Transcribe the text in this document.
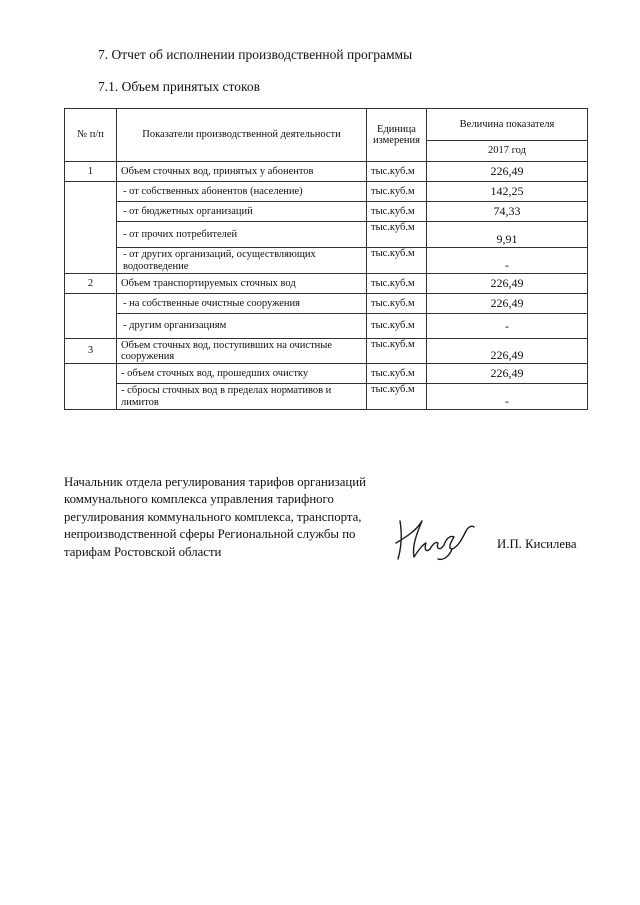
7. Отчет об исполнении производственной программы
7.1. Объем принятых стоков
№ п/п	Показатели производственной деятельности	Единица измерения	Величина показателя
			2017 год
1	Объем сточных вод, принятых у абонентов	тыс.куб.м	226,49
	- от собственных абонентов (население)	тыс.куб.м	142,25
	- от бюджетных организаций	тыс.куб.м	74,33
	- от прочих потребителей	тыс.куб.м	9,91
	- от других организаций, осуществляющих водоотведение	тыс.куб.м	-
2	Объем транспортируемых сточных вод	тыс.куб.м	226,49
	- на собственные очистные сооружения	тыс.куб.м	226,49
	- другим организациям	тыс.куб.м	-
3	Объем сточных вод, поступивших на очистные сооружения	тыс.куб.м	226,49
	- объем сточных вод, прошедших очистку	тыс.куб.м	226,49
	- сбросы сточных вод в пределах нормативов и лимитов	тыс.куб.м	-
Начальник отдела регулирования тарифов организаций
коммунального комплекса управления тарифного
регулирования коммунального комплекса, транспорта,
непроизводственной сферы Региональной службы по
тарифам Ростовской области
И.П. Кисилева
